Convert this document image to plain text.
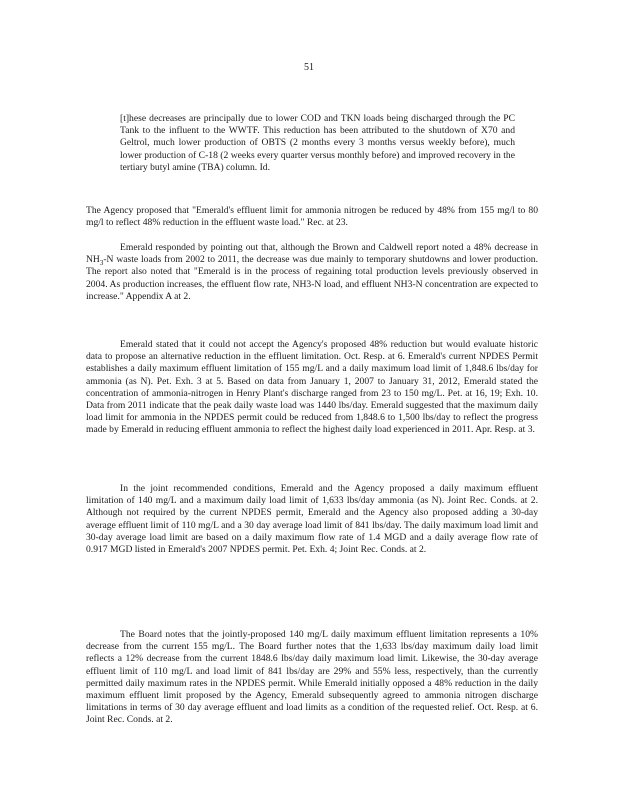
51

[t]hese decreases are principally due to lower COD and TKN loads being discharged through the PC Tank to the influent to the WWTF. This reduction has been attributed to the shutdown of X70 and Geltrol, much lower production of OBTS (2 months every 3 months versus weekly before), much lower production of C-18 (2 weeks every quarter versus monthly before) and improved recovery in the tertiary butyl amine (TBA) column. Id.

The Agency proposed that "Emerald's effluent limit for ammonia nitrogen be reduced by 48% from 155 mg/l to 80 mg/l to reflect 48% reduction in the effluent waste load." Rec. at 23.

Emerald responded by pointing out that, although the Brown and Caldwell report noted a 48% decrease in $NH_3-N$ waste loads from 2002 to 2011, the decrease was due mainly to temporary shutdowns and lower production. The report also noted that "Emerald is in the process of regaining total production levels previously observed in 2004. As production increases, the effluent flow rate, NH3-N load, and effluent NH3-N concentration are expected to increase." Appendix A at 2.

Emerald stated that it could not accept the Agency's proposed 48% reduction but would evaluate historic data to propose an alternative reduction in the effluent limitation. Oct. Resp. at 6. Emerald's current NPDES Permit establishes a daily maximum effluent limitation of 155 mg/L and a daily maximum load limit of 1,848.6 lbs/day for ammonia (as N). Pet. Exh. 3 at 5. Based on data from January 1, 2007 to January 31, 2012, Emerald stated the concentration of ammonia-nitrogen in Henry Plant's discharge ranged from 23 to 150 mg/L. Pet. at 16, 19; Exh. 10. Data from 2011 indicate that the peak daily waste load was 1440 lbs/day. Emerald suggested that the maximum daily load limit for ammonia in the NPDES permit could be reduced from 1,848.6 to 1,500 lbs/day to reflect the progress made by Emerald in reducing effluent ammonia to reflect the highest daily load experienced in 2011. Apr. Resp. at 3.

In the joint recommended conditions, Emerald and the Agency proposed a daily maximum effluent limitation of 140 mg/L and a maximum daily load limit of 1,633 lbs/day ammonia (as N). Joint Rec. Conds. at 2. Although not required by the current NPDES permit, Emerald and the Agency also proposed adding a 30-day average effluent limit of 110 mg/L and a 30 day average load limit of 841 lbs/day. The daily maximum load limit and 30-day average load limit are based on a daily maximum flow rate of 1.4 MGD and a daily average flow rate of 0.917 MGD listed in Emerald's 2007 NPDES permit. Pet. Exh. 4; Joint Rec. Conds. at 2.

The Board notes that the jointly-proposed 140 mg/L daily maximum effluent limitation represents a 10% decrease from the current 155 mg/L. The Board further notes that the 1,633 lbs/day maximum daily load limit reflects a 12% decrease from the current 1848.6 lbs/day daily maximum load limit. Likewise, the 30-day average effluent limit of 110 mg/L and load limit of 841 lbs/day are 29% and 55% less, respectively, than the currently permitted daily maximum rates in the NPDES permit. While Emerald initially opposed a 48% reduction in the daily maximum effluent limit proposed by the Agency, Emerald subsequently agreed to ammonia nitrogen discharge limitations in terms of 30 day average effluent and load limits as a condition of the requested relief. Oct. Resp. at 6. Joint Rec. Conds. at 2.
